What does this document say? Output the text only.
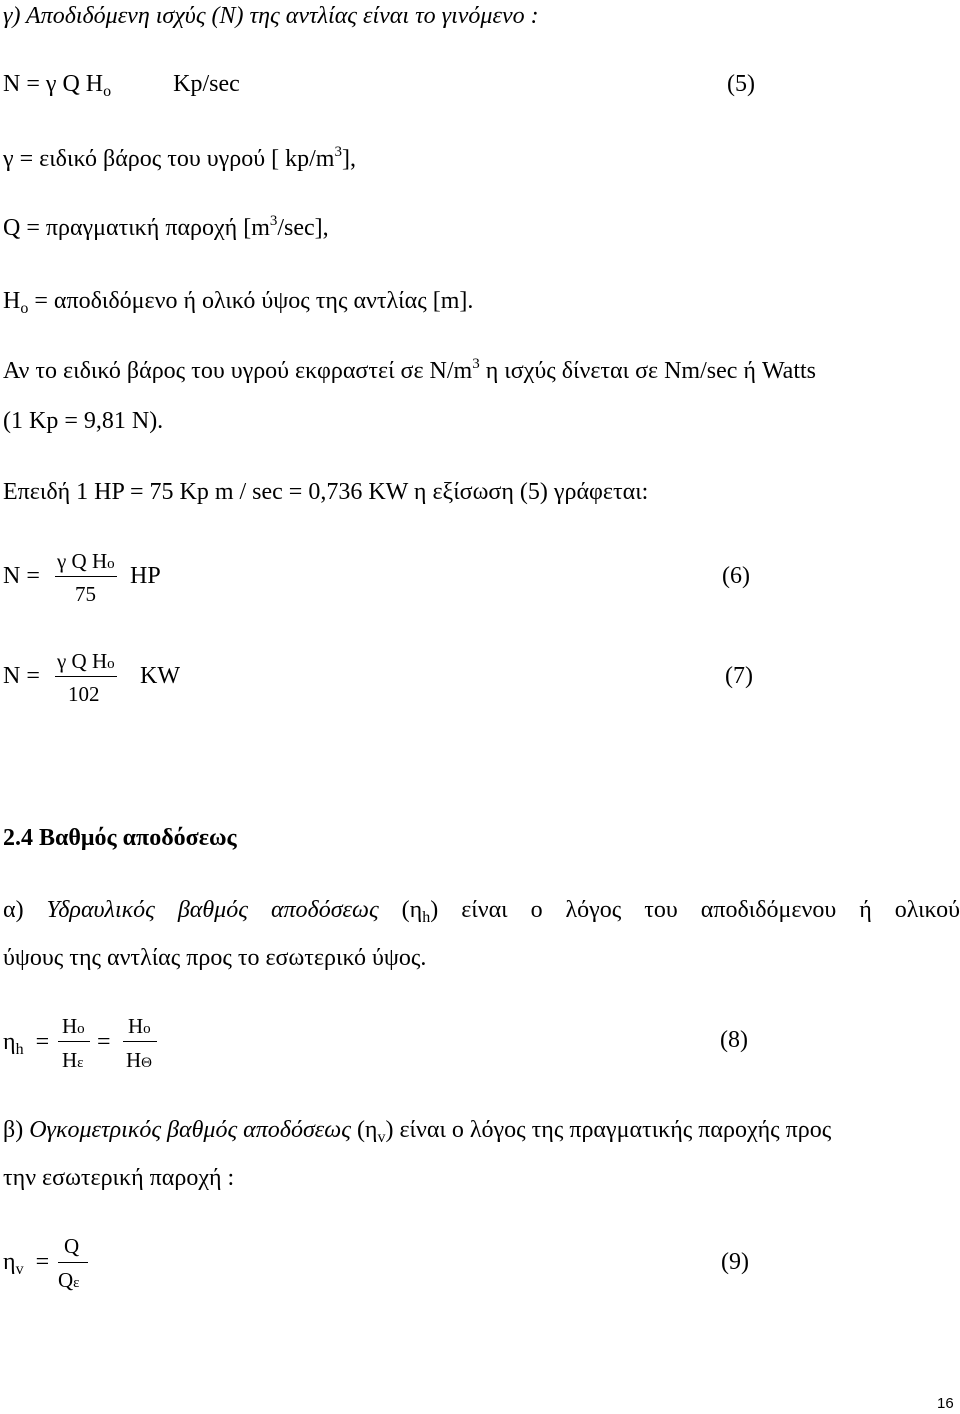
γ) Αποδιδόμενη ισχύς (N) της αντλίας είναι το γινόμενο :
N = γ Q $H_o$	Kp/sec	(5)
γ = ειδικό βάρος του υγρού [ $kp/m^3$],
Q = πραγματική παροχή $[m^3/\sec]$,
$H_o = \alpha\pi o\delta\iota\delta ό\mu\varepsilon\nu o$ ή ολικό ύψος της αντλίας [m].
Αν το ειδικό βάρος του υγρού εκφραστεί σε $N/m^3$ η ισχύς δίνεται σε Nm/sec ή Watts
(1 Kp = 9,81 N).
Επειδή 1 HP = 75 Kp m / sec = 0,736 KW η εξίσωση (5) γράφεται:
N =
γ Q Ho
75
HP	(6)
N =
γ Q Ho
102
KW	(7)
2.4 Βαθμός αποδόσεως
α) Υδραυλικός βαθμός αποδόσεως $(\eta_h)$ είναι ο λόγος του αποδιδόμενου ή ολικού
ύψους της αντλίας προς το εσωτερικό ύψος.
$\eta_h$ =
Ho
Hε
=
Ho
HΘ
(8)
β) Ογκομετρικός βαθμός αποδόσεως $(\eta_v)$ είναι ο λόγος της πραγματικής παροχής προς
την εσωτερική παροχή :
$\eta_v$ =
Q
Qε
(9)
16
